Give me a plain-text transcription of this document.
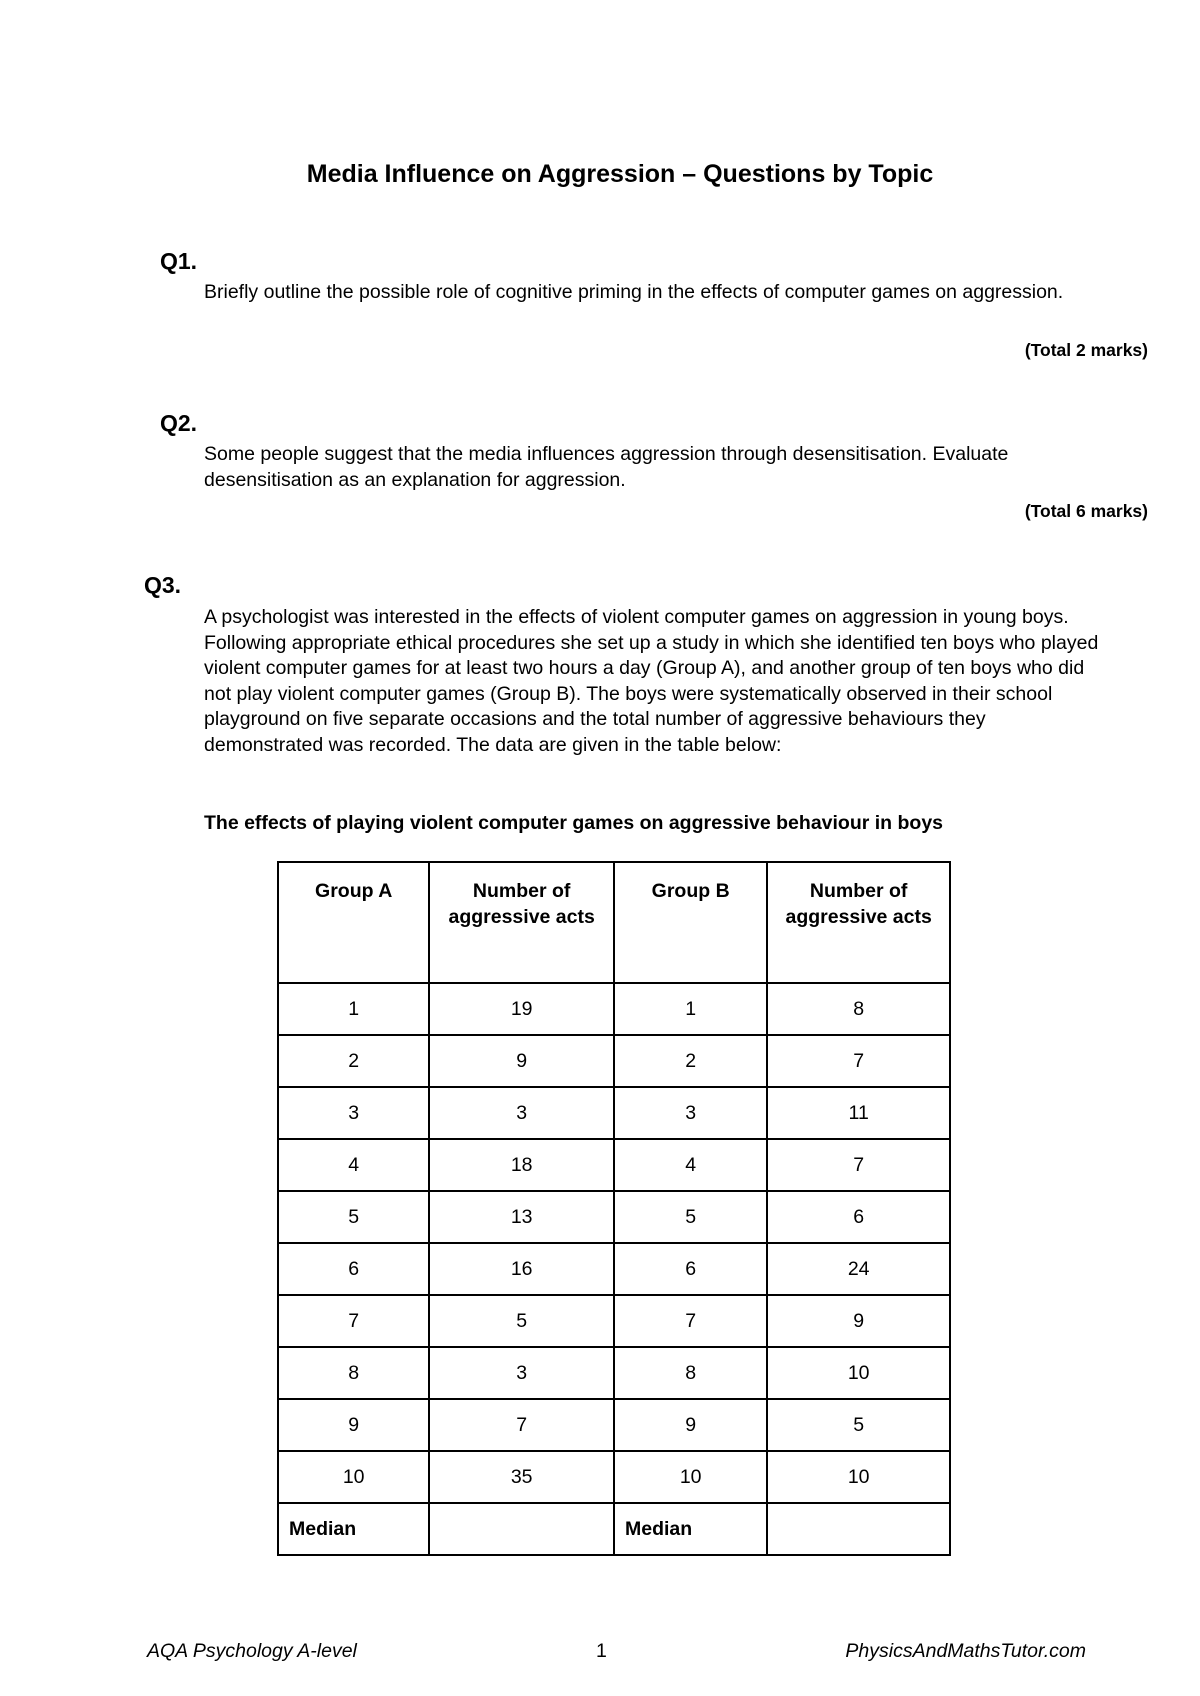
Media Influence on Aggression – Questions by Topic
Q1.

Briefly outline the possible role of cognitive priming in the effects of computer games on aggression.

(Total 2 marks)
Q2.

Some people suggest that the media influences aggression through desensitisation. Evaluate desensitisation as an explanation for aggression.

(Total 6 marks)
Q3.

A psychologist was interested in the effects of violent computer games on aggression in young boys. Following appropriate ethical procedures she set up a study in which she identified ten boys who played violent computer games for at least two hours a day (Group A), and another group of ten boys who did not play violent computer games (Group B). The boys were systematically observed in their school playground on five separate occasions and the total number of aggressive behaviours they demonstrated was recorded. The data are given in the table below:

The effects of playing violent computer games on aggressive behaviour in boys
Group A	Number of aggressive acts	Group B	Number of aggressive acts
1	19	1	8
2	9	2	7
3	3	3	11
4	18	4	7
5	13	5	6
6	16	6	24
7	5	7	9
8	3	8	10
9	7	9	5
10	35	10	10
Median		Median	
AQA Psychology A-level	1	PhysicsAndMathsTutor.com
